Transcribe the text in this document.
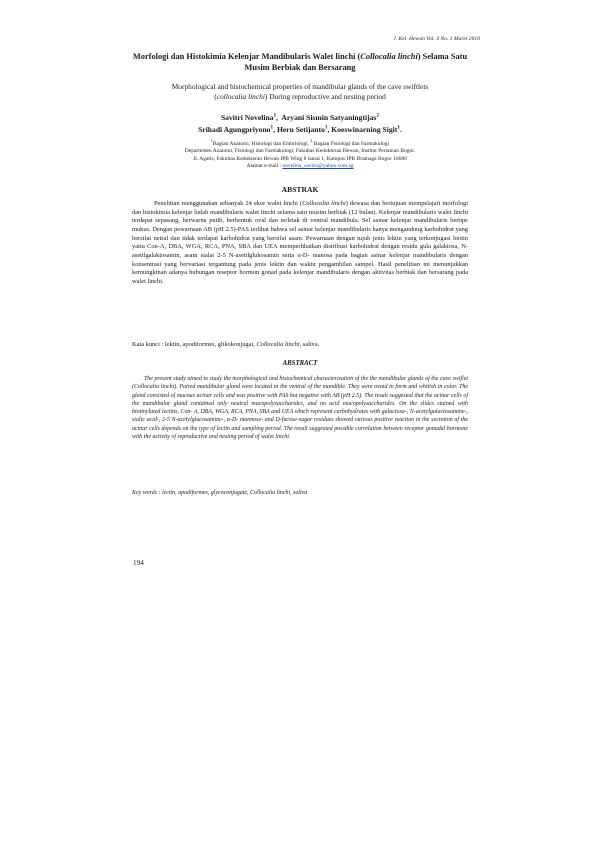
J. Kel. Hewan Vol. 4 No. 1 Maret 2010
Morfologi dan Histokimia Kelenjar Mandibularis Walet linchi (Collocalia linchi) Selama Satu Musim Berbiak dan Bersarang
Morphological and histochemical properties of mandibular glands of the cave swiftlets (collocalia linchi) During reproductive and nesting period
Savitri Novelina$^1$,  Aryani Sismin Satyaningtijas$^2$
Srihadi Agungpriyono$^1$, Heru Setijanto$^1$, Koeswinarning Sigit$^1$.
$^1$Bagian Anatomi, Histologi dan Embriologi, $^2$ Bagian Fisiologi dan Farmakologi
Departemen Anatomi, Fisiologi dan Farmakologi, Fakultas Kedokteran Hewan, Institut Pertanian Bogor.
Jl. Agatis, Fakultas Kedokteran Hewan IPB Wing 8 lantai 1, Kampus IPB Dramaga Bogor 16680
Alamat e-mail : novelina_savitri@yahoo.com.sg
ABSTRAK

Penelitian menggunakan sebanyak 24 ekor walet linchi (Collocalia linchi) dewasa dan bertujuan mempelajari morfologi dan histokimia kelenjar ludah mandibularis walet linchi selama satu musim berbiak (12 bulan). Kelenjar mandibularis walet linchi terdapat sepasang, berwarna putih, berbentuk oval dan terletak di ventral mandibula. Sel asinar kelenjar mandibularis bertipe mukus. Dengan pewarnaan AB (pH 2.5)-PAS terlihat bahwa sel asinar kelenjar mandibularis hanya mengandung karbohidrat yang bersifat netral dan tidak terdapat karbohidrat yang bersifat asam. Pewarnaan dengan tujuh jenis lektin yang terkonjugasi biotin yaitu Con-A, DBA, WGA, RCA, PNA, SBA dan UEA memperlihatkan distribusi karbohidrat dengan residu gula galaktosa, N-asetilgalaktosamin, asam sialat 2-5 N-asetilglukosamin serta α-D- manosa pada bagian asinar kelenjar mandibularis dengan konsentrasi yang bervariasi tergantung pada jenis lektin dan waktu pengambilan sampel. Hasil penelitian ini menunjukkan kemungkinan adanya hubungan reseptor hormon gonad pada kelenjar mandibularis dengan aktivitas berbiak dan bersarang pada walet linchi.

Kata kunci : lektin, apodiformes, glikokonjugat, Collocalia linchi, saliva.

ABSTRACT

The present study aimed to study the morphological and histochemical characterization of the the mandibular glands of the cave swiflet (Collocalia linchi). Paired mandibular gland were located in the ventral of the mandible. They were ovoid in form and whitish in color. The gland consisted of mucous acinar cells and was positive with PAS but negative with AB (pH 2.5). The result suggested that the acinar cells of the mandibular gland contained only neutral mucopolysaccharides, and no acid mucopolysaccharides. On the slides stained with biotinylated lectins, Con- A, DBA, WGA, RCA, PNA, SBA and UEA which represent carbohydrates with galactosa-, N-acetylgalactosamine-, sialic acid-, 2-5 N-acetylglucosamine-, α-D- mannose- and D-fucose-sugar residues showed various positive reaction in the secretion of the acinar cells depends on the type of lectin and sampling period. The result suggested possible correlation between receptor gonadal hormone with the activity of reproductive and nesting period of walet linchi.

Key words : lectin, apodiformes, glycoconjugate, Collocalia linchi, saliva

194
